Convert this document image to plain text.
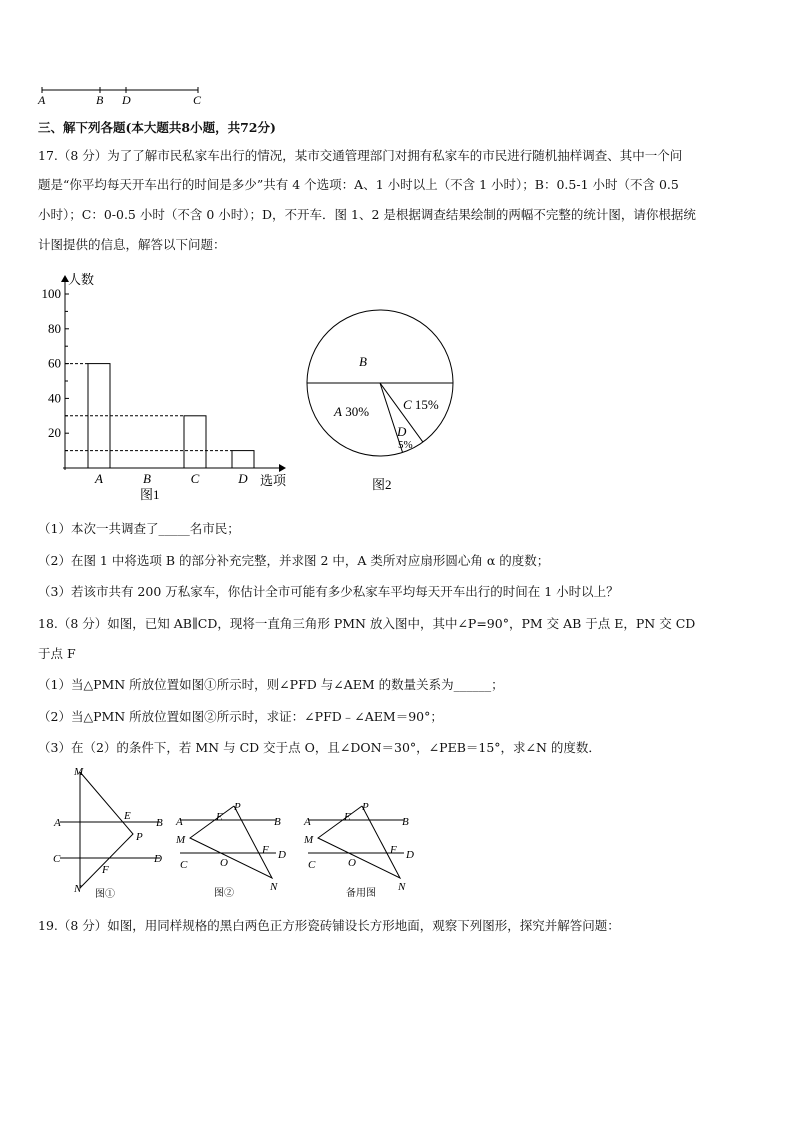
A	B D	C
三、解下列各题(本大题共8小题，共72分)
17.（8 分）为了了解市民私家车出行的情况，某市交通管理部门对拥有私家车的市民进行随机抽样调查、其中一个问
题是“你平均每天开车出行的时间是多少”共有 4 个选项：A、1 小时以上（不含 1 小时）；B：0.5-1 小时（不含 0.5
小时）；C：0-0.5 小时（不含 0 小时）；D，不开车．图 1、2 是根据调查结果绘制的两幅不完整的统计图，请你根据统
计图提供的信息，解答以下问题：
20
40
60
80
100
A	B	C	D
人数
选项
图1
A 30%
B
C 15%
D
5%
图2
（1）本次一共调查了_____名市民；
（2）在图 1 中将选项 B 的部分补充完整，并求图 2 中，A 类所对应扇形圆心角 α 的度数；
（3）若该市共有 200 万私家车，你估计全市可能有多少私家车平均每天开车出行的时间在 1 小时以上？
18.（8 分）如图，已知 AB∥CD，现将一直角三角形 PMN 放入图中，其中∠P=90°，PM 交 AB 于点 E，PN 交 CD
于点 F
（1）当△PMN 所放位置如图①所示时，则∠PFD 与∠AEM 的数量关系为______；
（2）当△PMN 所放位置如图②所示时，求证：∠PFD﹣∠AEM＝90°；
（3）在（2）的条件下，若 MN 与 CD 交于点 O，且∠DON＝30°，∠PEB＝15°，求∠N 的度数．
M
A
E
B
P
C
F
D
N 图①
P
A	E	B
M
F D
C	O
N
图②
P
A	E	B
M
F D
C	O
N
备用图
19.（8 分）如图，用同样规格的黑白两色正方形瓷砖铺设长方形地面，观察下列图形，探究并解答问题：
